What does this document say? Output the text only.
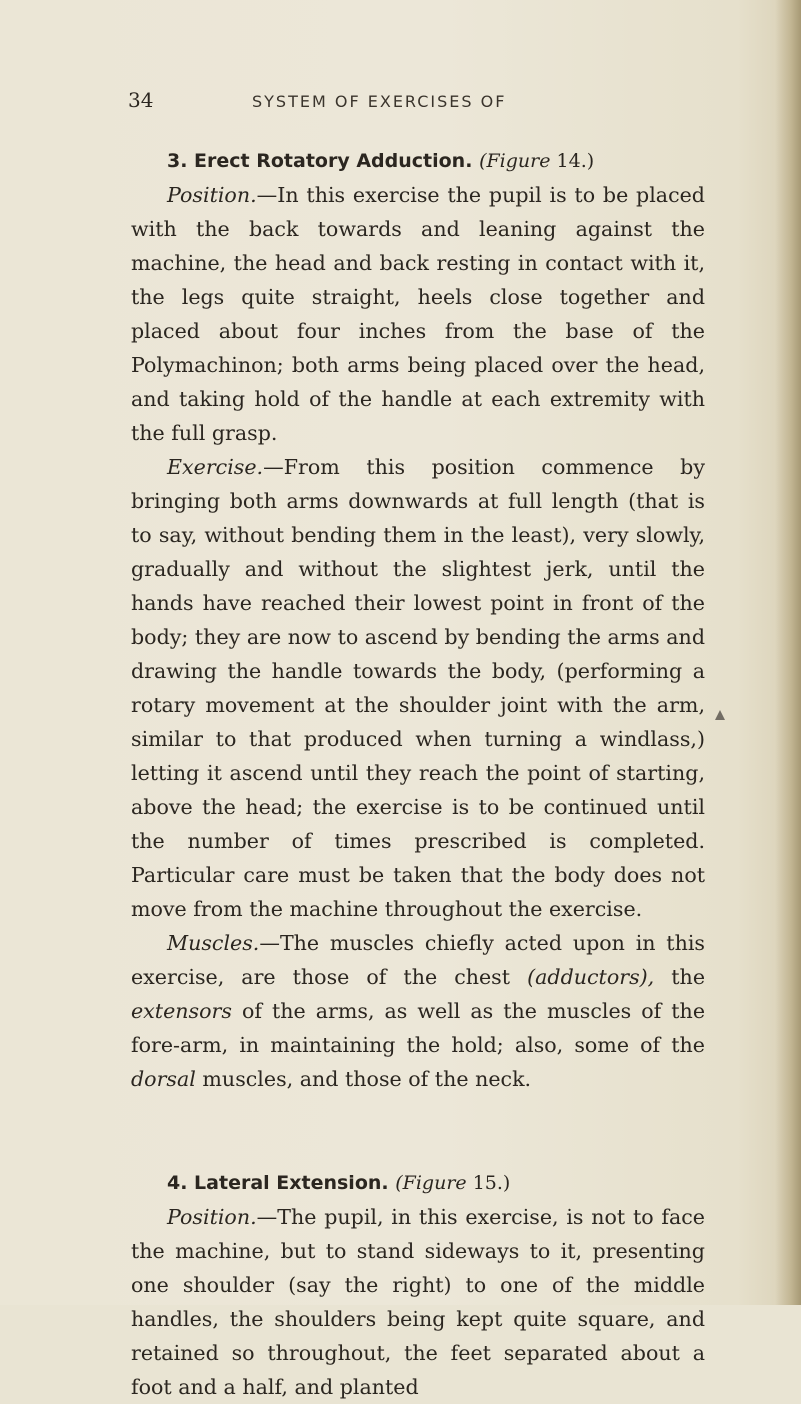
34	SYSTEM OF EXERCISES OF

3. Erect Rotatory Adduction. (Figure 14.)

Position.—In this exercise the pupil is to be placed with the back towards and leaning against the machine, the head and back resting in contact with it, the legs quite straight, heels close together and placed about four inches from the base of the Polymachinon; both arms being placed over the head, and taking hold of the handle at each extremity with the full grasp.

Exercise.—From this position commence by bringing both arms downwards at full length (that is to say, without bending them in the least), very slowly, gradually and without the slightest jerk, until the hands have reached their lowest point in front of the body; they are now to ascend by bending the arms and drawing the handle towards the body, (performing a rotary movement at the shoulder joint with the arm, similar to that produced when turning a windlass,) letting it ascend until they reach the point of starting, above the head; the exercise is to be continued until the number of times prescribed is completed. Particular care must be taken that the body does not move from the machine throughout the exercise.

Muscles.—The muscles chiefly acted upon in this exercise, are those of the chest (adductors), the extensors of the arms, as well as the muscles of the fore-arm, in maintaining the hold; also, some of the dorsal muscles, and those of the neck.

4. Lateral Extension. (Figure 15.)

Position.—The pupil, in this exercise, is not to face the machine, but to stand sideways to it, presenting one shoulder (say the right) to one of the middle handles, the shoulders being kept quite square, and retained so throughout, the feet separated about a foot and a half, and planted
